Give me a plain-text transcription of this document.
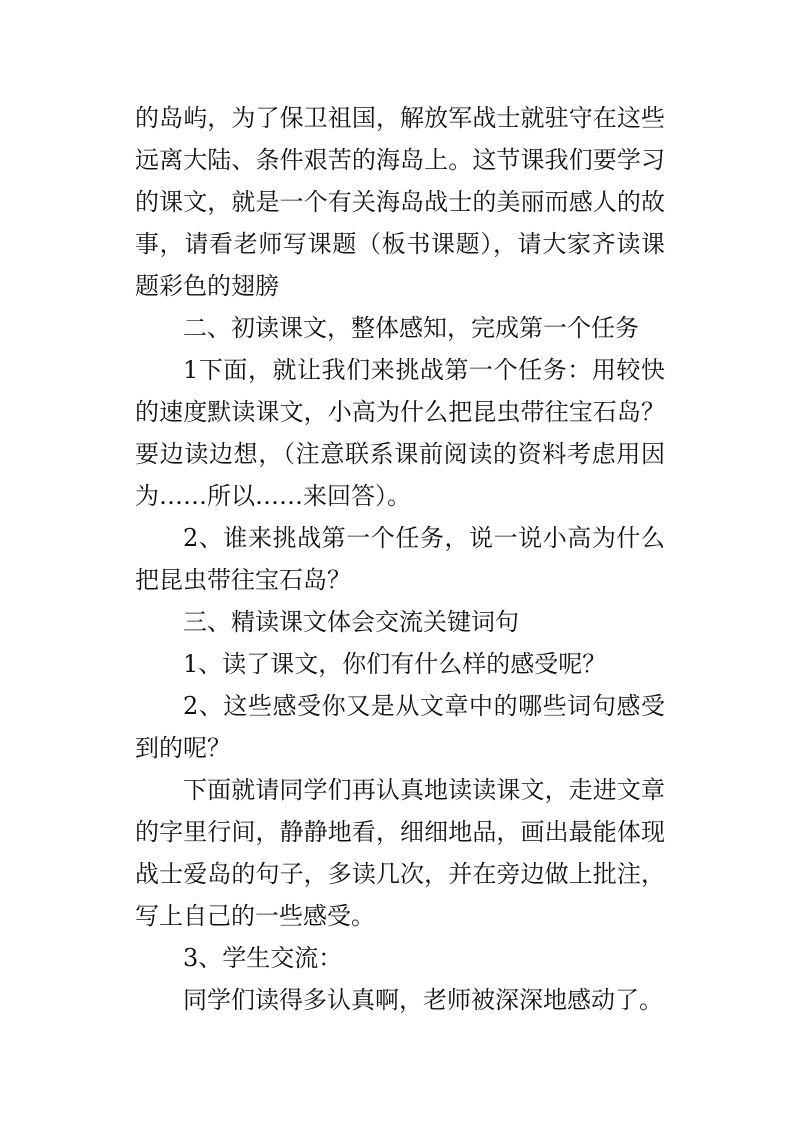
的岛屿，为了保卫祖国，解放军战士就驻守在这些远离大陆、条件艰苦的海岛上。这节课我们要学习的课文，就是一个有关海岛战士的美丽而感人的故事，请看老师写课题（板书课题），请大家齐读课题彩色的翅膀

二、初读课文，整体感知，完成第一个任务

1下面，就让我们来挑战第一个任务：用较快的速度默读课文，小高为什么把昆虫带往宝石岛？要边读边想，（注意联系课前阅读的资料考虑用因为……所以……来回答）。

2、谁来挑战第一个任务，说一说小高为什么把昆虫带往宝石岛？

三、精读课文体会交流关键词句

1、读了课文，你们有什么样的感受呢？

2、这些感受你又是从文章中的哪些词句感受到的呢？

下面就请同学们再认真地读读课文，走进文章的字里行间，静静地看，细细地品，画出最能体现战士爱岛的句子，多读几次，并在旁边做上批注，写上自己的一些感受。

3、学生交流：

同学们读得多认真啊，老师被深深地感动了。
